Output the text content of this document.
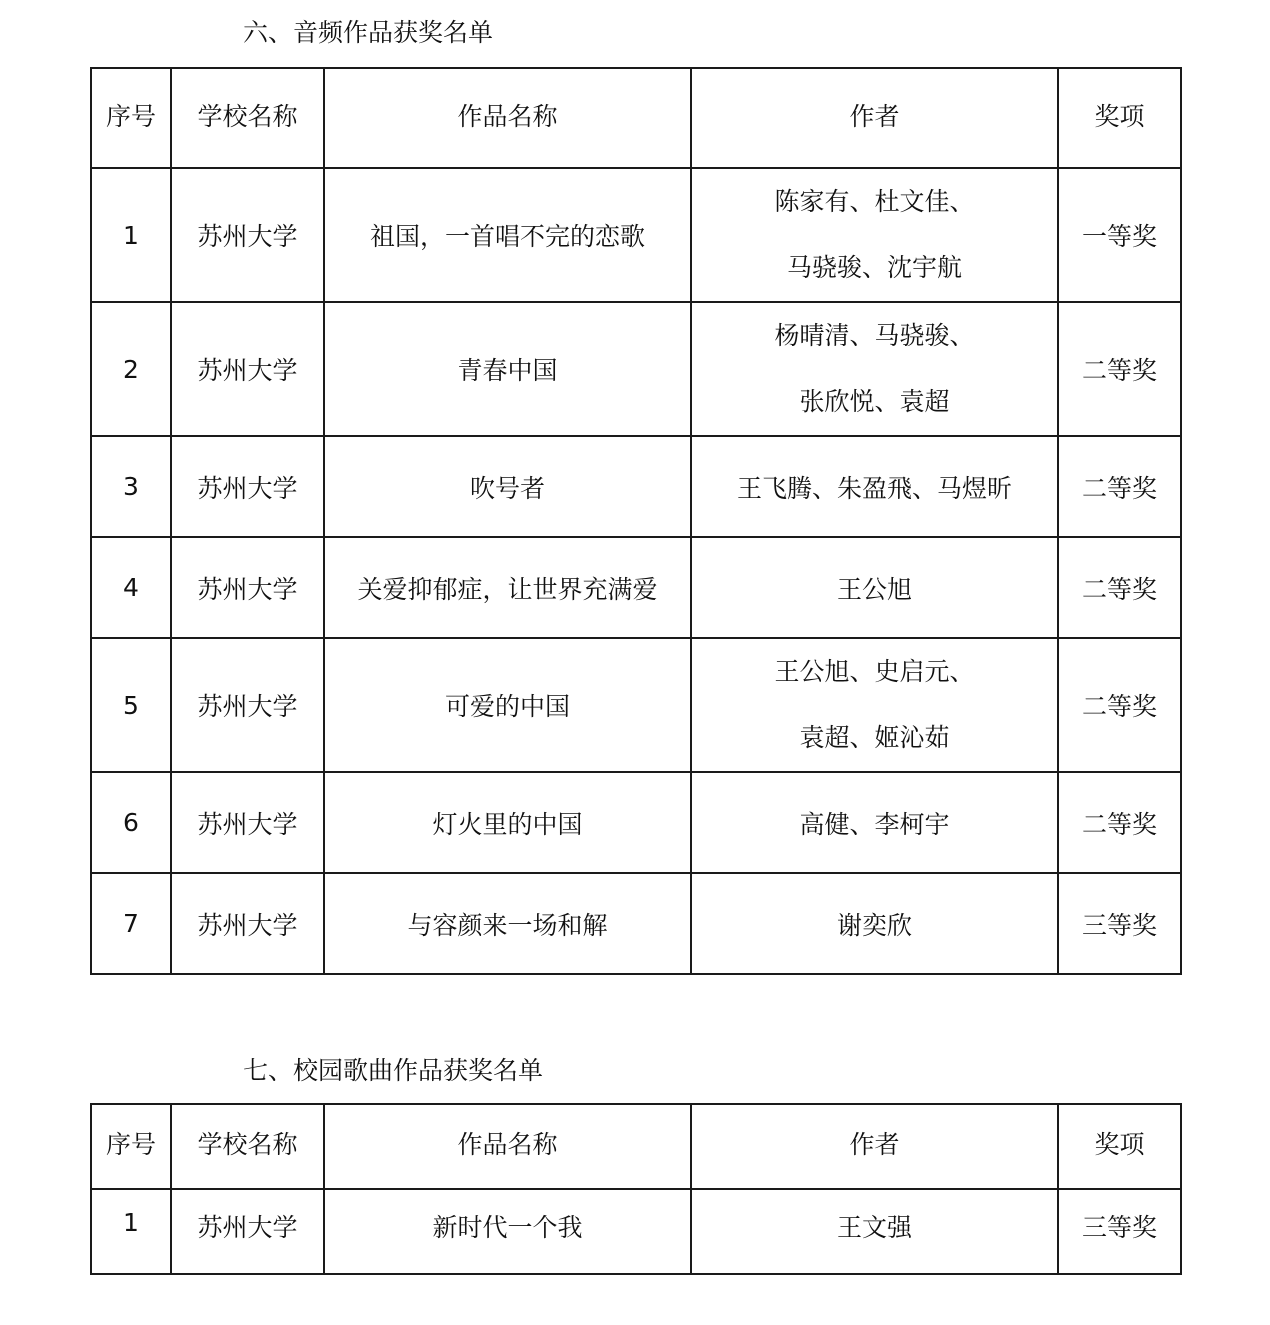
六、音频作品获奖名单
序号	学校名称	作品名称	作者	奖项
1	苏州大学	祖国，一首唱不完的恋歌	陈家有、杜文佳、
马骁骏、沈宇航	一等奖
2	苏州大学	青春中国	杨晴清、马骁骏、
张欣悦、袁超	二等奖
3	苏州大学	吹号者	王飞腾、朱盈飛、马煜昕	二等奖
4	苏州大学	关爱抑郁症，让世界充满爱	王公旭	二等奖
5	苏州大学	可爱的中国	王公旭、史启元、
袁超、姬沁茹	二等奖
6	苏州大学	灯火里的中国	高健、李柯宇	二等奖
7	苏州大学	与容颜来一场和解	谢奕欣	三等奖
七、校园歌曲作品获奖名单
序号	学校名称	作品名称	作者	奖项
1	苏州大学	新时代一个我	王文强	三等奖
